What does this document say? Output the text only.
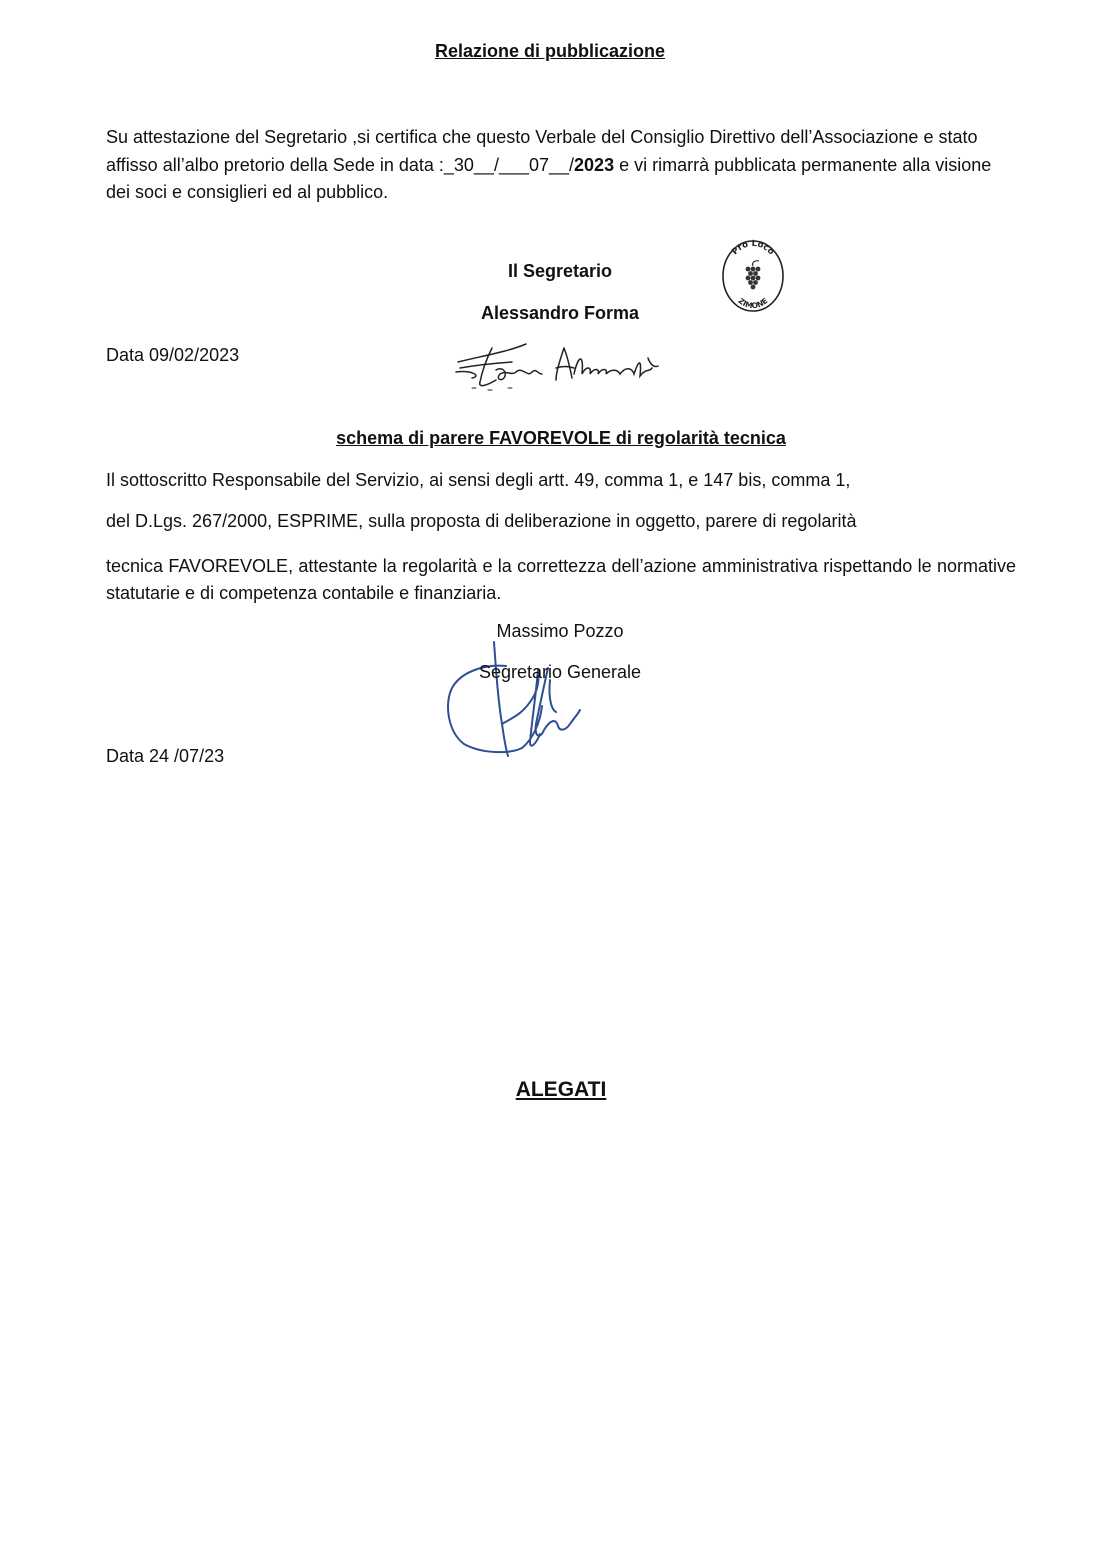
Relazione di pubblicazione
Su attestazione del Segretario ,si certifica che questo Verbale del Consiglio Direttivo dell’Associazione e stato affisso all’albo pretorio della Sede in data :_30__/___07__/2023 e vi rimarrà pubblicata permanente alla visione dei soci e consiglieri ed al pubblico.
Il Segretario
Alessandro Forma
Pro Loco
ZIMONE
Data 09/02/2023
schema di parere FAVOREVOLE di regolarità tecnica
Il sottoscritto Responsabile del Servizio, ai sensi degli artt. 49, comma 1, e 147 bis, comma 1,
del D.Lgs. 267/2000, ESPRIME, sulla proposta di deliberazione in oggetto, parere di regolarità
tecnica FAVOREVOLE, attestante la regolarità e la correttezza dell’azione amministrativa rispettando le normative statutarie e di competenza contabile e finanziaria.
Massimo Pozzo
Segretario Generale
Data 24 /07/23
ALEGATI
